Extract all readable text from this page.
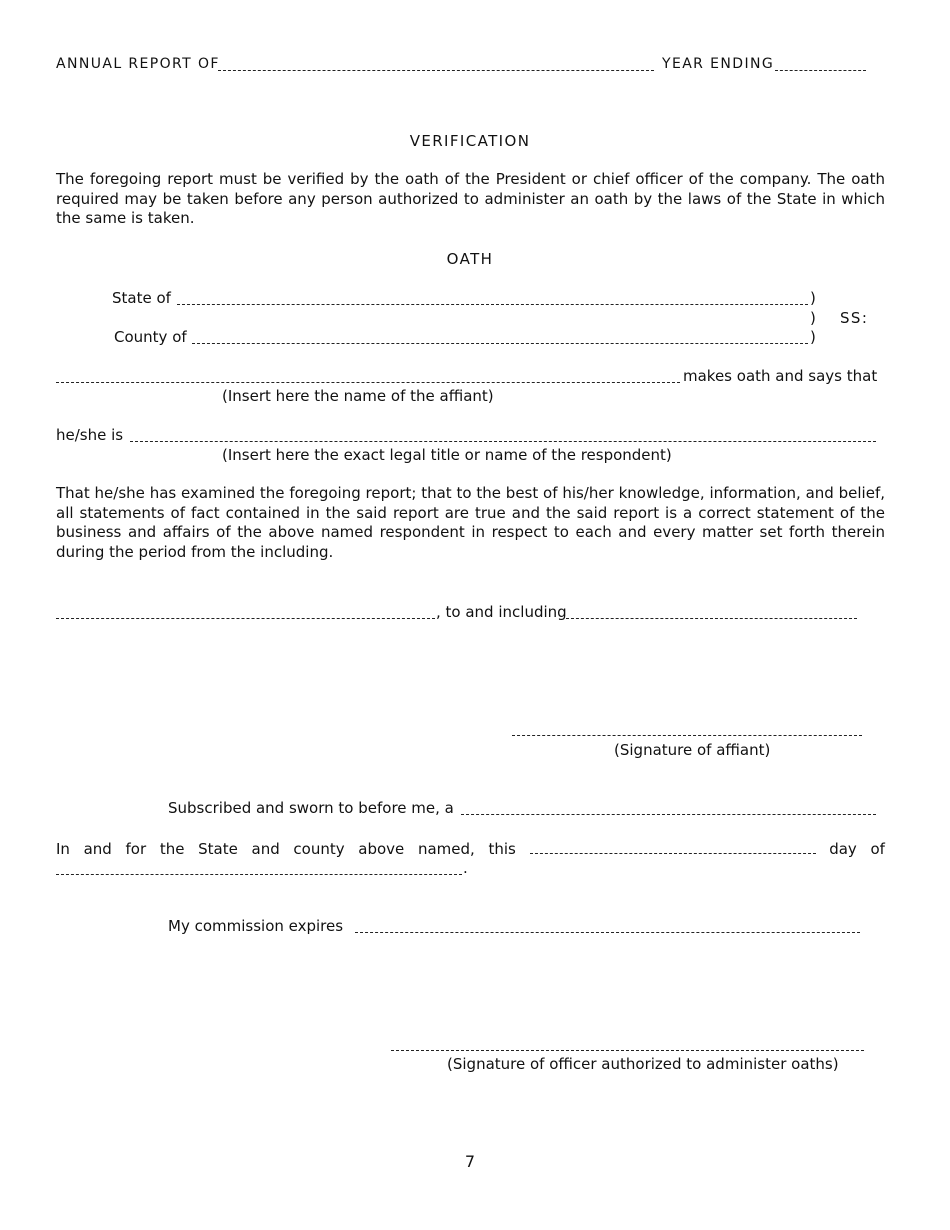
ANNUAL REPORT OF	YEAR ENDING
VERIFICATION
The foregoing report must be verified by the oath of the President or chief officer of the company. The oath required may be taken before any person authorized to administer an oath by the laws of the State in which the same is taken.
OATH
State of	)
) SS:
County of	)
makes oath and says that
(Insert here the name of the affiant)
he/she is
(Insert here the exact legal title or name of the respondent)
That he/she has examined the foregoing report; that to the best of his/her knowledge, information, and belief, all statements of fact contained in the said report are true and the said report is a correct statement of the business and affairs of the above named respondent in respect to each and every matter set forth therein during the period from the including.
, to and including
(Signature of affiant)
Subscribed and sworn to before me, a
In and for the State and county above named, this	day of
.
My commission expires
(Signature of officer authorized to administer oaths)
7
